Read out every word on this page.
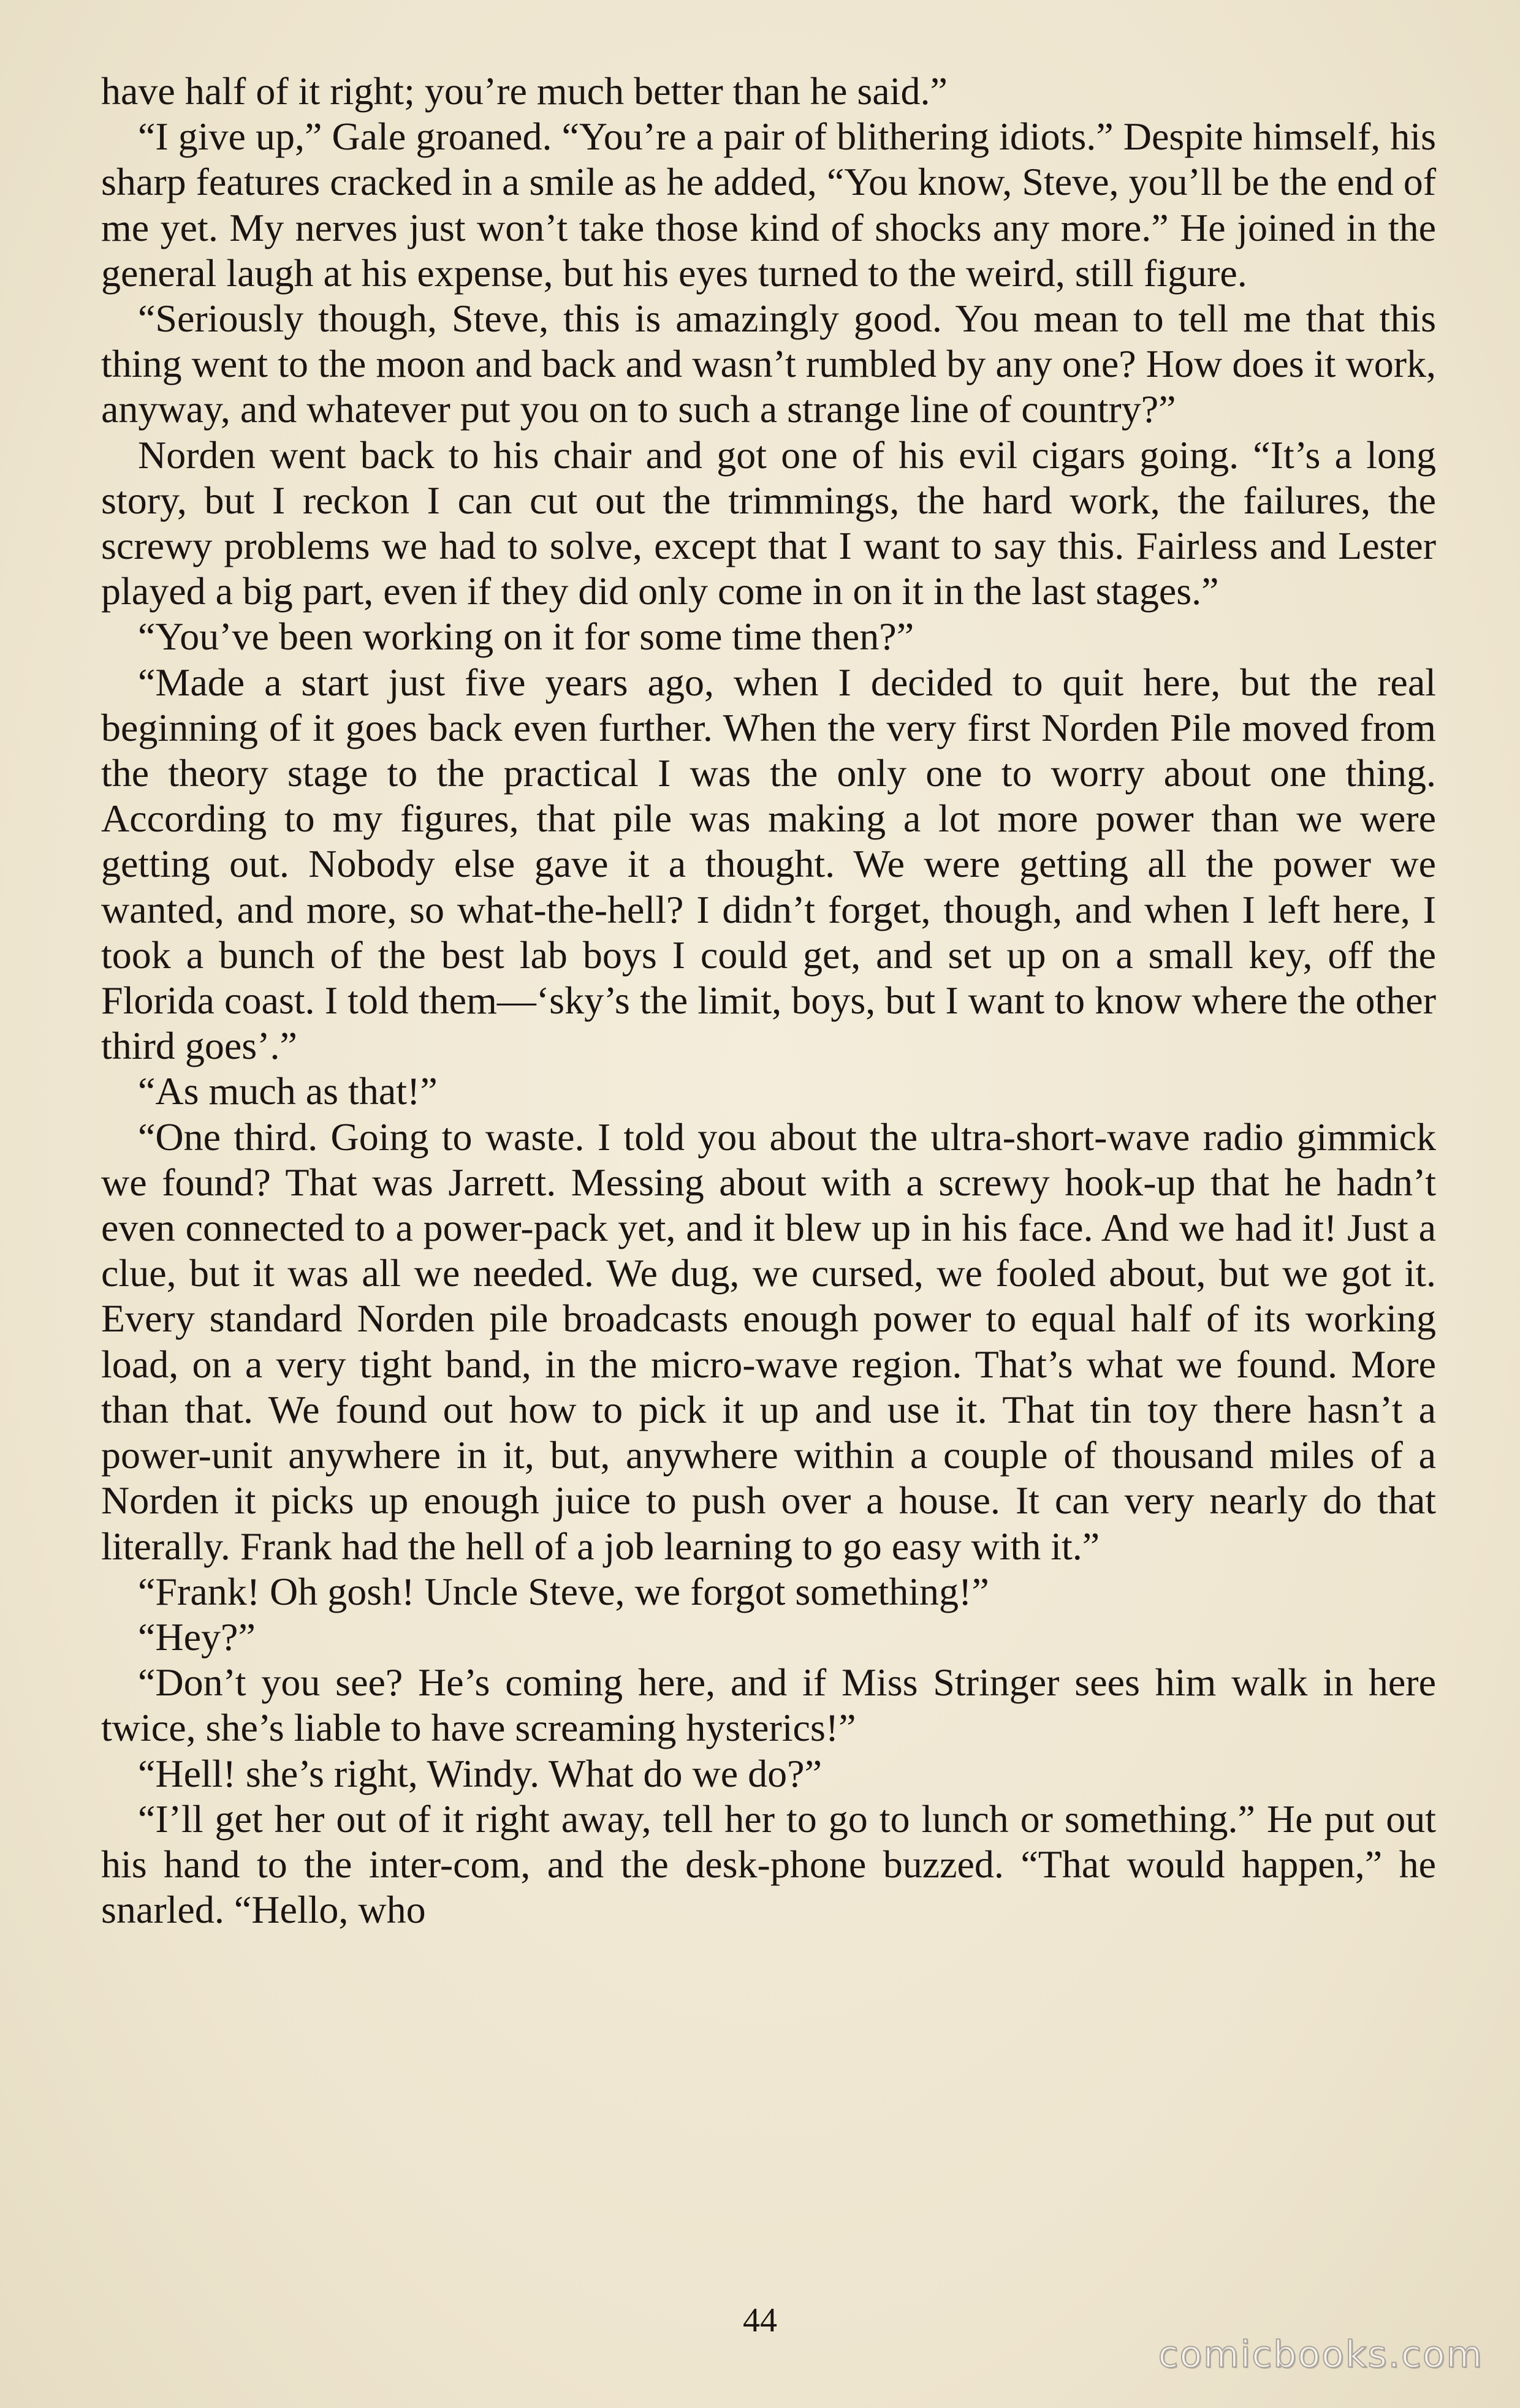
have half of it right; you’re much better than he said.”

“I give up,” Gale groaned. “You’re a pair of blithering idiots.” Despite himself, his sharp features cracked in a smile as he added, “You know, Steve, you’ll be the end of me yet. My nerves just won’t take those kind of shocks any more.” He joined in the general laugh at his expense, but his eyes turned to the weird, still figure.

“Seriously though, Steve, this is amazingly good. You mean to tell me that this thing went to the moon and back and wasn’t rumbled by any one? How does it work, anyway, and whatever put you on to such a strange line of country?”

Norden went back to his chair and got one of his evil cigars going. “It’s a long story, but I reckon I can cut out the trimmings, the hard work, the failures, the screwy problems we had to solve, except that I want to say this. Fairless and Lester played a big part, even if they did only come in on it in the last stages.”

“You’ve been working on it for some time then?”

“Made a start just five years ago, when I decided to quit here, but the real beginning of it goes back even further. When the very first Norden Pile moved from the theory stage to the practical I was the only one to worry about one thing. According to my figures, that pile was making a lot more power than we were getting out. Nobody else gave it a thought. We were getting all the power we wanted, and more, so what-the-hell? I didn’t forget, though, and when I left here, I took a bunch of the best lab boys I could get, and set up on a small key, off the Florida coast. I told them—‘sky’s the limit, boys, but I want to know where the other third goes’.”

“As much as that!”

“One third. Going to waste. I told you about the ultra-short-wave radio gimmick we found? That was Jarrett. Messing about with a screwy hook-up that he hadn’t even connected to a power-pack yet, and it blew up in his face. And we had it! Just a clue, but it was all we needed. We dug, we cursed, we fooled about, but we got it. Every standard Norden pile broadcasts enough power to equal half of its working load, on a very tight band, in the micro-wave region. That’s what we found. More than that. We found out how to pick it up and use it. That tin toy there hasn’t a power-unit anywhere in it, but, anywhere within a couple of thousand miles of a Norden it picks up enough juice to push over a house. It can very nearly do that literally. Frank had the hell of a job learning to go easy with it.”

“Frank! Oh gosh! Uncle Steve, we forgot something!”

“Hey?”

“Don’t you see? He’s coming here, and if Miss Stringer sees him walk in here twice, she’s liable to have screaming hysterics!”

“Hell! she’s right, Windy. What do we do?”

“I’ll get her out of it right away, tell her to go to lunch or something.” He put out his hand to the inter-com, and the desk-phone buzzed. “That would happen,” he snarled. “Hello, who

44
comicbooks.com
